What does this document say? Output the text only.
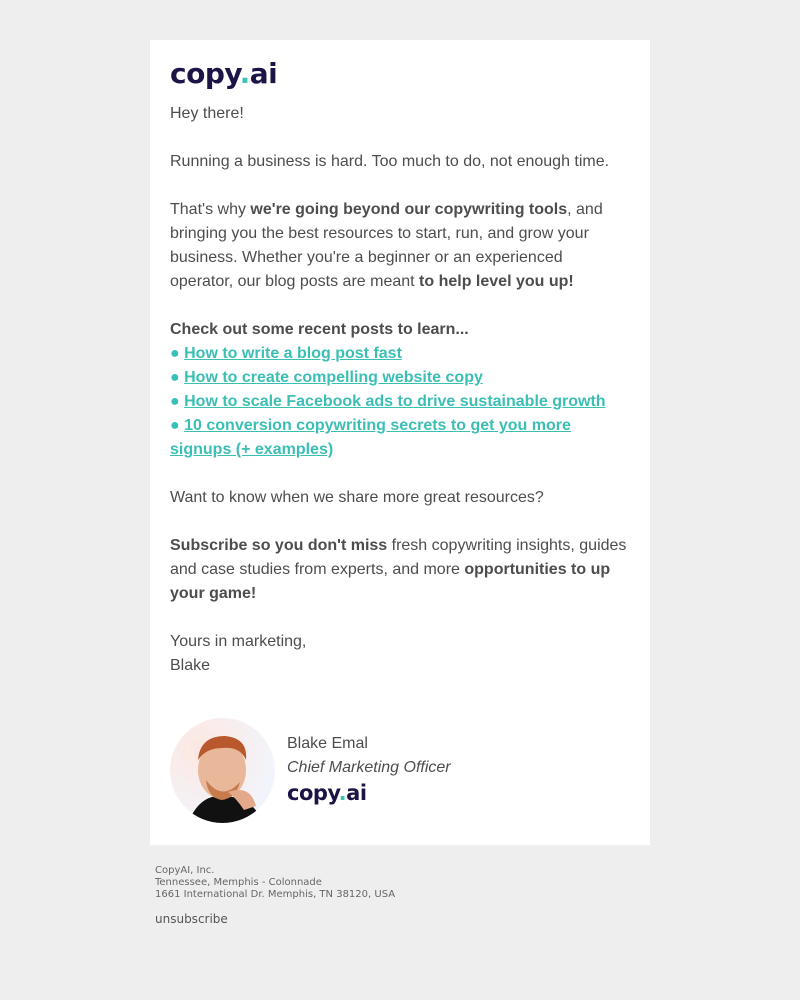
copy.ai

Hey there!

Running a business is hard. Too much to do, not enough time.

That's why we're going beyond our copywriting tools, and bringing you the best resources to start, run, and grow your business. Whether you're a beginner or an experienced operator, our blog posts are meant to help level you up!

Check out some recent posts to learn...
● How to write a blog post fast
● How to create compelling website copy
● How to scale Facebook ads to drive sustainable growth
● 10 conversion copywriting secrets to get you more signups (+ examples)

Want to know when we share more great resources?

Subscribe so you don't miss fresh copywriting insights, guides and case studies from experts, and more opportunities to up your game!

Yours in marketing,
Blake

Blake Emal
Chief Marketing Officer
copy.ai
CopyAI, Inc.
Tennessee, Memphis - Colonnade
1661 International Dr. Memphis, TN 38120, USA
unsubscribe
